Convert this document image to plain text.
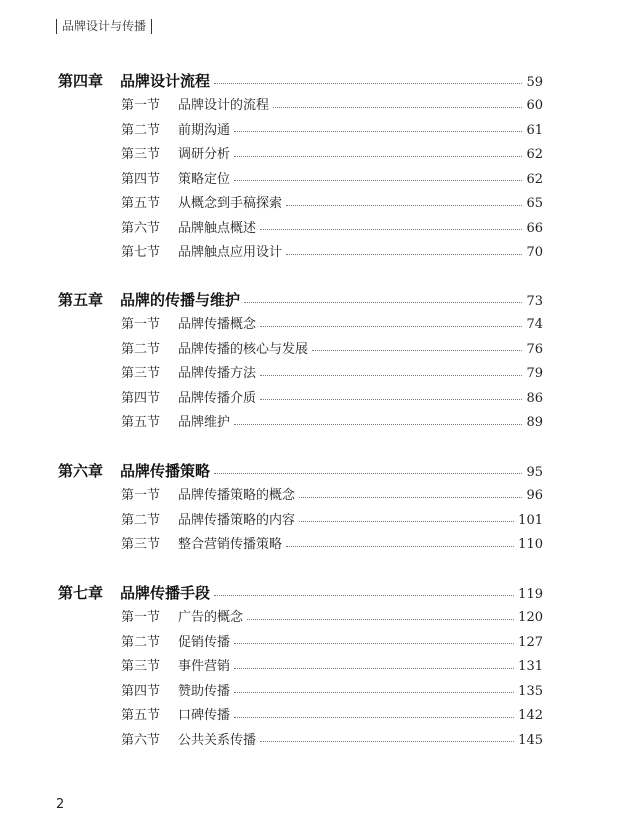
品牌设计与传播
第四章	品牌设计流程	59
第一节	品牌设计的流程	60
第二节	前期沟通	61
第三节	调研分析	62
第四节	策略定位	62
第五节	从概念到手稿探索	65
第六节	品牌触点概述	66
第七节	品牌触点应用设计	70
第五章	品牌的传播与维护	73
第一节	品牌传播概念	74
第二节	品牌传播的核心与发展	76
第三节	品牌传播方法	79
第四节	品牌传播介质	86
第五节	品牌维护	89
第六章	品牌传播策略	95
第一节	品牌传播策略的概念	96
第二节	品牌传播策略的内容	101
第三节	整合营销传播策略	110
第七章	品牌传播手段	119
第一节	广告的概念	120
第二节	促销传播	127
第三节	事件营销	131
第四节	赞助传播	135
第五节	口碑传播	142
第六节	公共关系传播	145
2
